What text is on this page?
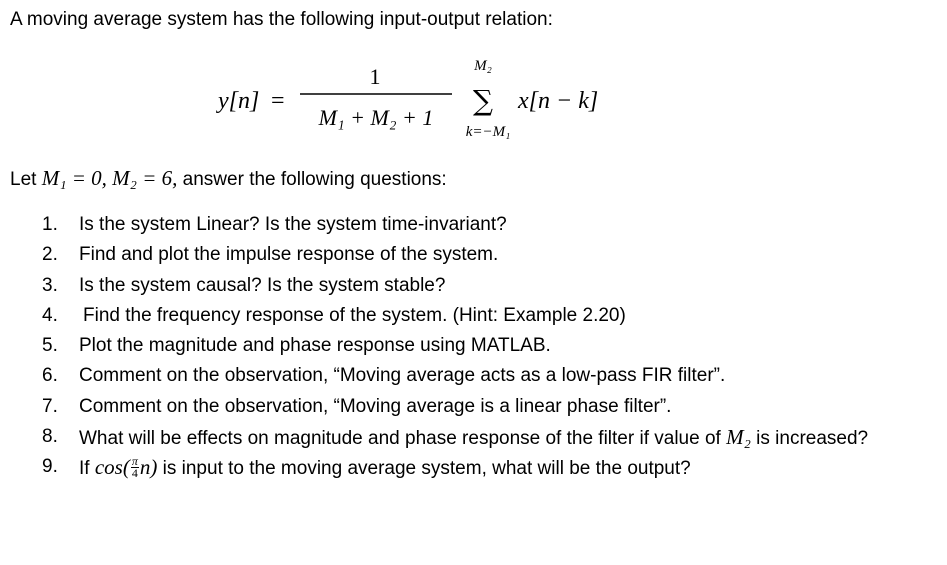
A moving average system has the following input-output relation:
y[n] =
1
M₁ + M₂ + 1
M₂
∑
k=−M₁
x[n − k]
Let M₁ = 0, M₂ = 6, answer the following questions:
1.	Is the system Linear? Is the system time-invariant?
2.	Find and plot the impulse response of the system.
3.	Is the system causal? Is the system stable?
4.	Find the frequency response of the system. (Hint: Example 2.20)
5.	Plot the magnitude and phase response using MATLAB.
6.	Comment on the observation, “Moving average acts as a low-pass FIR filter”.
7.	Comment on the observation, “Moving average is a linear phase filter”.
8.	What will be effects on magnitude and phase response of the filter if value of M₂ is increased?
9.	If $\cos( \frac{\pi}{4} n)$ is input to the moving average system, what will be the output?
